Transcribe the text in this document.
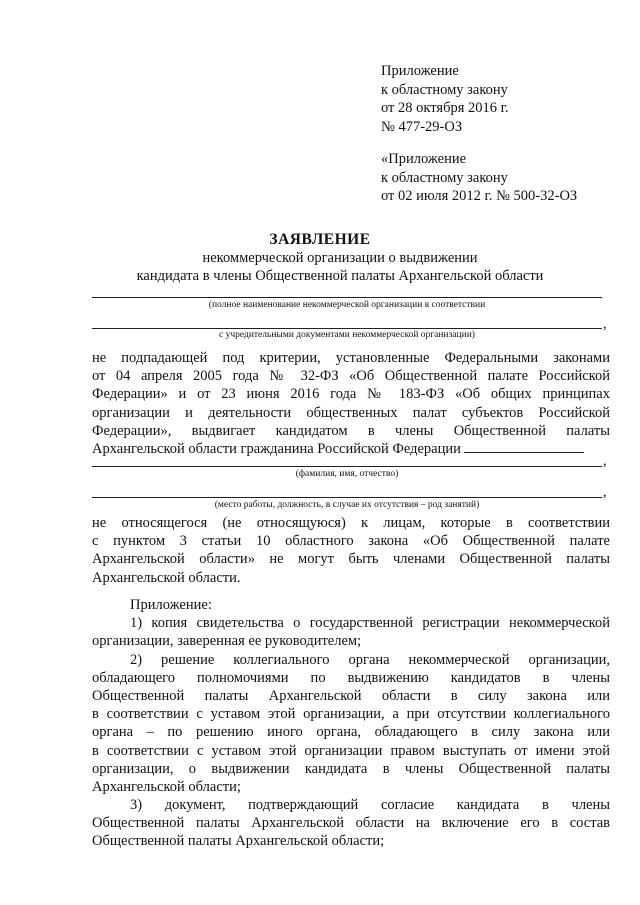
Приложение
к областному закону
от 28 октября 2016 г.
№ 477-29-ОЗ
«Приложение
к областному закону
от 02 июля 2012 г. № 500-32-ОЗ
ЗАЯВЛЕНИЕ
некоммерческой организации о выдвижении
кандидата в члены Общественной палаты Архангельской области
(полное наименование некоммерческой организации в соответствии
,
с учредительными документами некоммерческой организации)
не подпадающей под критерии, установленные Федеральными законами
от 04 апреля 2005 года № 32-ФЗ «Об Общественной палате Российской
Федерации» и от 23 июня 2016 года № 183-ФЗ «Об общих принципах
организации и деятельности общественных палат субъектов Российской
Федерации», выдвигает кандидатом в члены Общественной палаты
Архангельской области гражданина Российской Федерации
,
(фамилия, имя, отчество)
,
(место работы, должность, в случае их отсутствия – род занятий)
не относящегося (не относящуюся) к лицам, которые в соответствии
с пунктом 3 статьи 10 областного закона «Об Общественной палате
Архангельской области» не могут быть членами Общественной палаты
Архангельской области.
Приложение:
1) копия свидетельства о государственной регистрации некоммерческой
организации, заверенная ее руководителем;
2) решение коллегиального органа некоммерческой организации,
обладающего полномочиями по выдвижению кандидатов в члены
Общественной палаты Архангельской области в силу закона или
в соответствии с уставом этой организации, а при отсутствии коллегиального
органа – по решению иного органа, обладающего в силу закона или
в соответствии с уставом этой организации правом выступать от имени этой
организации, о выдвижении кандидата в члены Общественной палаты
Архангельской области;
3) документ, подтверждающий согласие кандидата в члены
Общественной палаты Архангельской области на включение его в состав
Общественной палаты Архангельской области;
